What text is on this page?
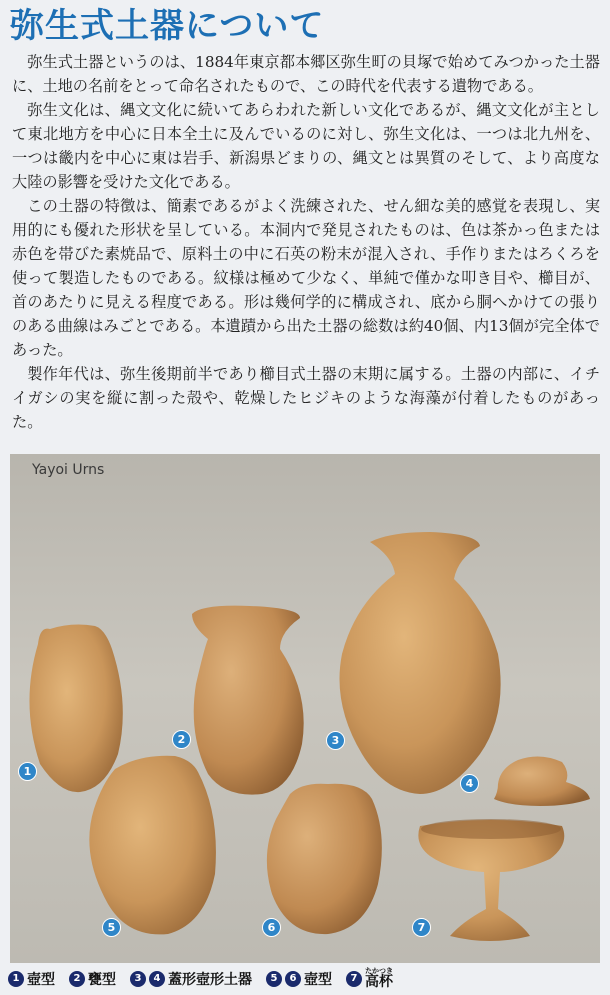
弥生式土器について

弥生式土器というのは、1884年東京都本郷区弥生町の貝塚で始めてみつかった土器に、土地の名前をとって命名されたもので、この時代を代表する遺物である。

弥生文化は、縄文文化に続いてあらわれた新しい文化であるが、縄文文化が主として東北地方を中心に日本全土に及んでいるのに対し、弥生文化は、一つは北九州を、一つは畿内を中心に東は岩手、新潟県どまりの、縄文とは異質のそして、より高度な大陸の影響を受けた文化である。

この土器の特徴は、簡素であるがよく洗練された、せん細な美的感覚を表現し、実用的にも優れた形状を呈している。本洞内で発見されたものは、色は茶かっ色または赤色を帯びた素焼品で、原料土の中に石英の粉末が混入され、手作りまたはろくろを使って製造したものである。紋様は極めて少なく、単純で僅かな叩き目や、櫛目が、首のあたりに見える程度である。形は幾何学的に構成され、底から胴へかけての張りのある曲線はみごとである。本遺蹟から出た土器の総数は約40個、内13個が完全体であった。

製作年代は、弥生後期前半であり櫛目式土器の末期に属する。土器の内部に、イチイガシの実を縦に割った殻や、乾燥したヒジキのような海藻が付着したものがあった。

Yayoi Urns
1
2	3
4
5	6	7
1 壺型	2 甕型	3	4 蓋形壺形土器	5	6 壺型	7 高杯たかつき
